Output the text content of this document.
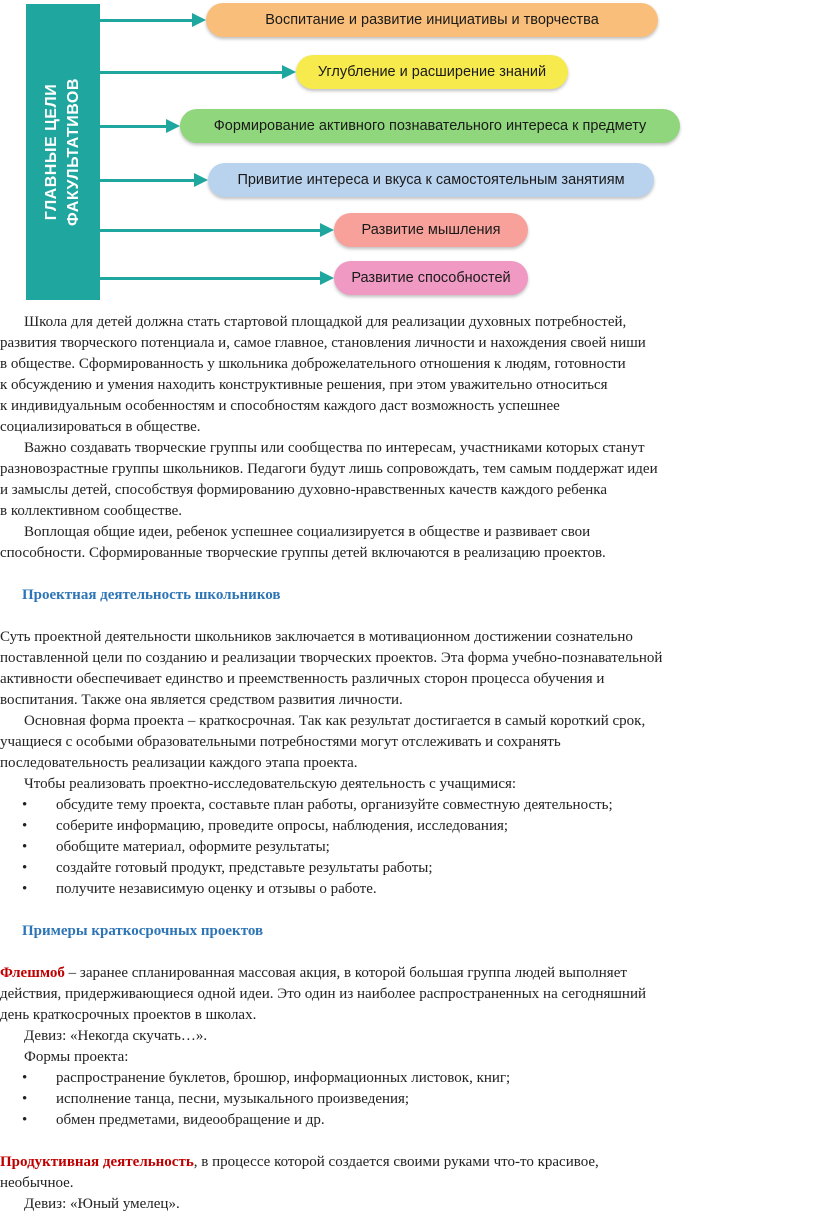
ГЛАВНЫЕ ЦЕЛИ ФАКУЛЬТАТИВОВ
Воспитание и развитие инициативы и творчества
Углубление и расширение знаний
Формирование активного познавательного интереса к предмету
Привитие интереса и вкуса к самостоятельным занятиям
Развитие мышления
Развитие способностей

Школа для детей должна стать стартовой площадкой для реализации духовных потребностей,

развития творческого потенциала и, самое главное, становления личности и нахождения своей ниши

в обществе. Сформированность у школьника доброжелательного отношения к людям, готовности

к обсуждению и умения находить конструктивные решения, при этом уважительно относиться

к индивидуальным особенностям и способностям каждого даст возможность успешнее

социализироваться в обществе.

Важно создавать творческие группы или сообщества по интересам, участниками которых станут

разновозрастные группы школьников. Педагоги будут лишь сопровождать, тем самым поддержат идеи

и замыслы детей, способствуя формированию духовно-нравственных качеств каждого ребенка

в коллективном сообществе.

Воплощая общие идеи, ребенок успешнее социализируется в обществе и развивает свои

способности. Сформированные творческие группы детей включаются в реализацию проектов.

Проектная деятельность школьников

Суть проектной деятельности школьников заключается в мотивационном достижении сознательно

поставленной цели по созданию и реализации творческих проектов. Эта форма учебно-познавательной

активности обеспечивает единство и преемственность различных сторон процесса обучения и

воспитания. Также она является средством развития личности.

Основная форма проекта – краткосрочная. Так как результат достигается в самый короткий срок,

учащиеся с особыми образовательными потребностями могут отслеживать и сохранять

последовательность реализации каждого этапа проекта.

Чтобы реализовать проектно-исследовательскую деятельность с учащимися:

• обсудите тему проекта, составьте план работы, организуйте совместную деятельность;
• соберите информацию, проведите опросы, наблюдения, исследования;
• обобщите материал, оформите результаты;
• создайте готовый продукт, представьте результаты работы;
• получите независимую оценку и отзывы о работе.

Примеры краткосрочных проектов

Флешмоб – заранее спланированная массовая акция, в которой большая группа людей выполняет

действия, придерживающиеся одной идеи. Это один из наиболее распространенных на сегодняшний

день краткосрочных проектов в школах.

Девиз: «Некогда скучать…».

Формы проекта:

• распространение буклетов, брошюр, информационных листовок, книг;
• исполнение танца, песни, музыкального произведения;
• обмен предметами, видеообращение и др.

Продуктивная деятельность, в процессе которой создается своими руками что-то красивое,

необычное.

Девиз: «Юный умелец».
